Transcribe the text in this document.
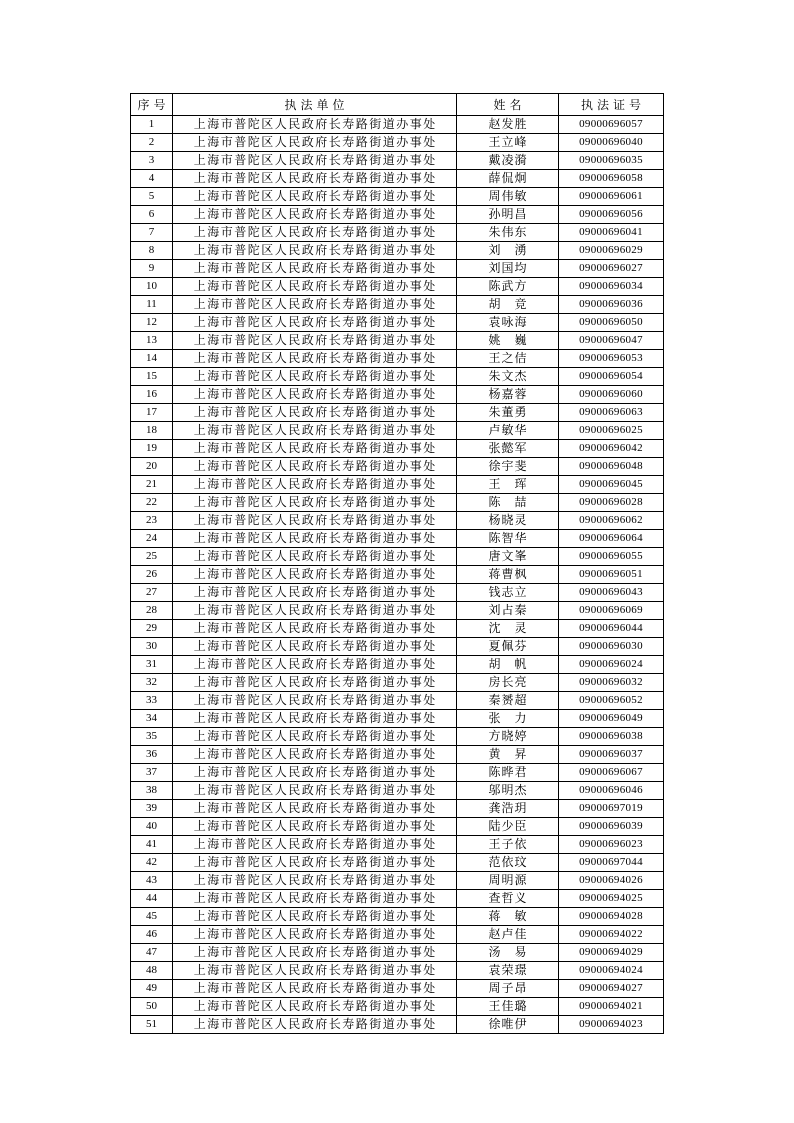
序号	执法单位	姓名	执法证号
1	上海市普陀区人民政府长寿路街道办事处	赵发胜	09000696057
2	上海市普陀区人民政府长寿路街道办事处	王立峰	09000696040
3	上海市普陀区人民政府长寿路街道办事处	戴凌漪	09000696035
4	上海市普陀区人民政府长寿路街道办事处	薛侃炯	09000696058
5	上海市普陀区人民政府长寿路街道办事处	周伟敏	09000696061
6	上海市普陀区人民政府长寿路街道办事处	孙明昌	09000696056
7	上海市普陀区人民政府长寿路街道办事处	朱伟东	09000696041
8	上海市普陀区人民政府长寿路街道办事处	刘　湧	09000696029
9	上海市普陀区人民政府长寿路街道办事处	刘国均	09000696027
10	上海市普陀区人民政府长寿路街道办事处	陈武方	09000696034
11	上海市普陀区人民政府长寿路街道办事处	胡　竞	09000696036
12	上海市普陀区人民政府长寿路街道办事处	袁咏海	09000696050
13	上海市普陀区人民政府长寿路街道办事处	姚　巍	09000696047
14	上海市普陀区人民政府长寿路街道办事处	王之佶	09000696053
15	上海市普陀区人民政府长寿路街道办事处	朱文杰	09000696054
16	上海市普陀区人民政府长寿路街道办事处	杨嘉蓉	09000696060
17	上海市普陀区人民政府长寿路街道办事处	朱董勇	09000696063
18	上海市普陀区人民政府长寿路街道办事处	卢敏华	09000696025
19	上海市普陀区人民政府长寿路街道办事处	张懿军	09000696042
20	上海市普陀区人民政府长寿路街道办事处	徐宇斐	09000696048
21	上海市普陀区人民政府长寿路街道办事处	王　珲	09000696045
22	上海市普陀区人民政府长寿路街道办事处	陈　喆	09000696028
23	上海市普陀区人民政府长寿路街道办事处	杨晓灵	09000696062
24	上海市普陀区人民政府长寿路街道办事处	陈智华	09000696064
25	上海市普陀区人民政府长寿路街道办事处	唐文峯	09000696055
26	上海市普陀区人民政府长寿路街道办事处	蒋曹枫	09000696051
27	上海市普陀区人民政府长寿路街道办事处	钱志立	09000696043
28	上海市普陀区人民政府长寿路街道办事处	刘占秦	09000696069
29	上海市普陀区人民政府长寿路街道办事处	沈　灵	09000696044
30	上海市普陀区人民政府长寿路街道办事处	夏佩芬	09000696030
31	上海市普陀区人民政府长寿路街道办事处	胡　帆	09000696024
32	上海市普陀区人民政府长寿路街道办事处	房长亮	09000696032
33	上海市普陀区人民政府长寿路街道办事处	秦赟超	09000696052
34	上海市普陀区人民政府长寿路街道办事处	张　力	09000696049
35	上海市普陀区人民政府长寿路街道办事处	方晓婷	09000696038
36	上海市普陀区人民政府长寿路街道办事处	黄　昇	09000696037
37	上海市普陀区人民政府长寿路街道办事处	陈晔君	09000696067
38	上海市普陀区人民政府长寿路街道办事处	邬明杰	09000696046
39	上海市普陀区人民政府长寿路街道办事处	龚浩玥	09000697019
40	上海市普陀区人民政府长寿路街道办事处	陆少臣	09000696039
41	上海市普陀区人民政府长寿路街道办事处	王子依	09000696023
42	上海市普陀区人民政府长寿路街道办事处	范依玟	09000697044
43	上海市普陀区人民政府长寿路街道办事处	周明源	09000694026
44	上海市普陀区人民政府长寿路街道办事处	查哲义	09000694025
45	上海市普陀区人民政府长寿路街道办事处	蒋　敏	09000694028
46	上海市普陀区人民政府长寿路街道办事处	赵卢佳	09000694022
47	上海市普陀区人民政府长寿路街道办事处	汤　易	09000694029
48	上海市普陀区人民政府长寿路街道办事处	袁荣璟	09000694024
49	上海市普陀区人民政府长寿路街道办事处	周子昂	09000694027
50	上海市普陀区人民政府长寿路街道办事处	王佳璐	09000694021
51	上海市普陀区人民政府长寿路街道办事处	徐唯伊	09000694023
